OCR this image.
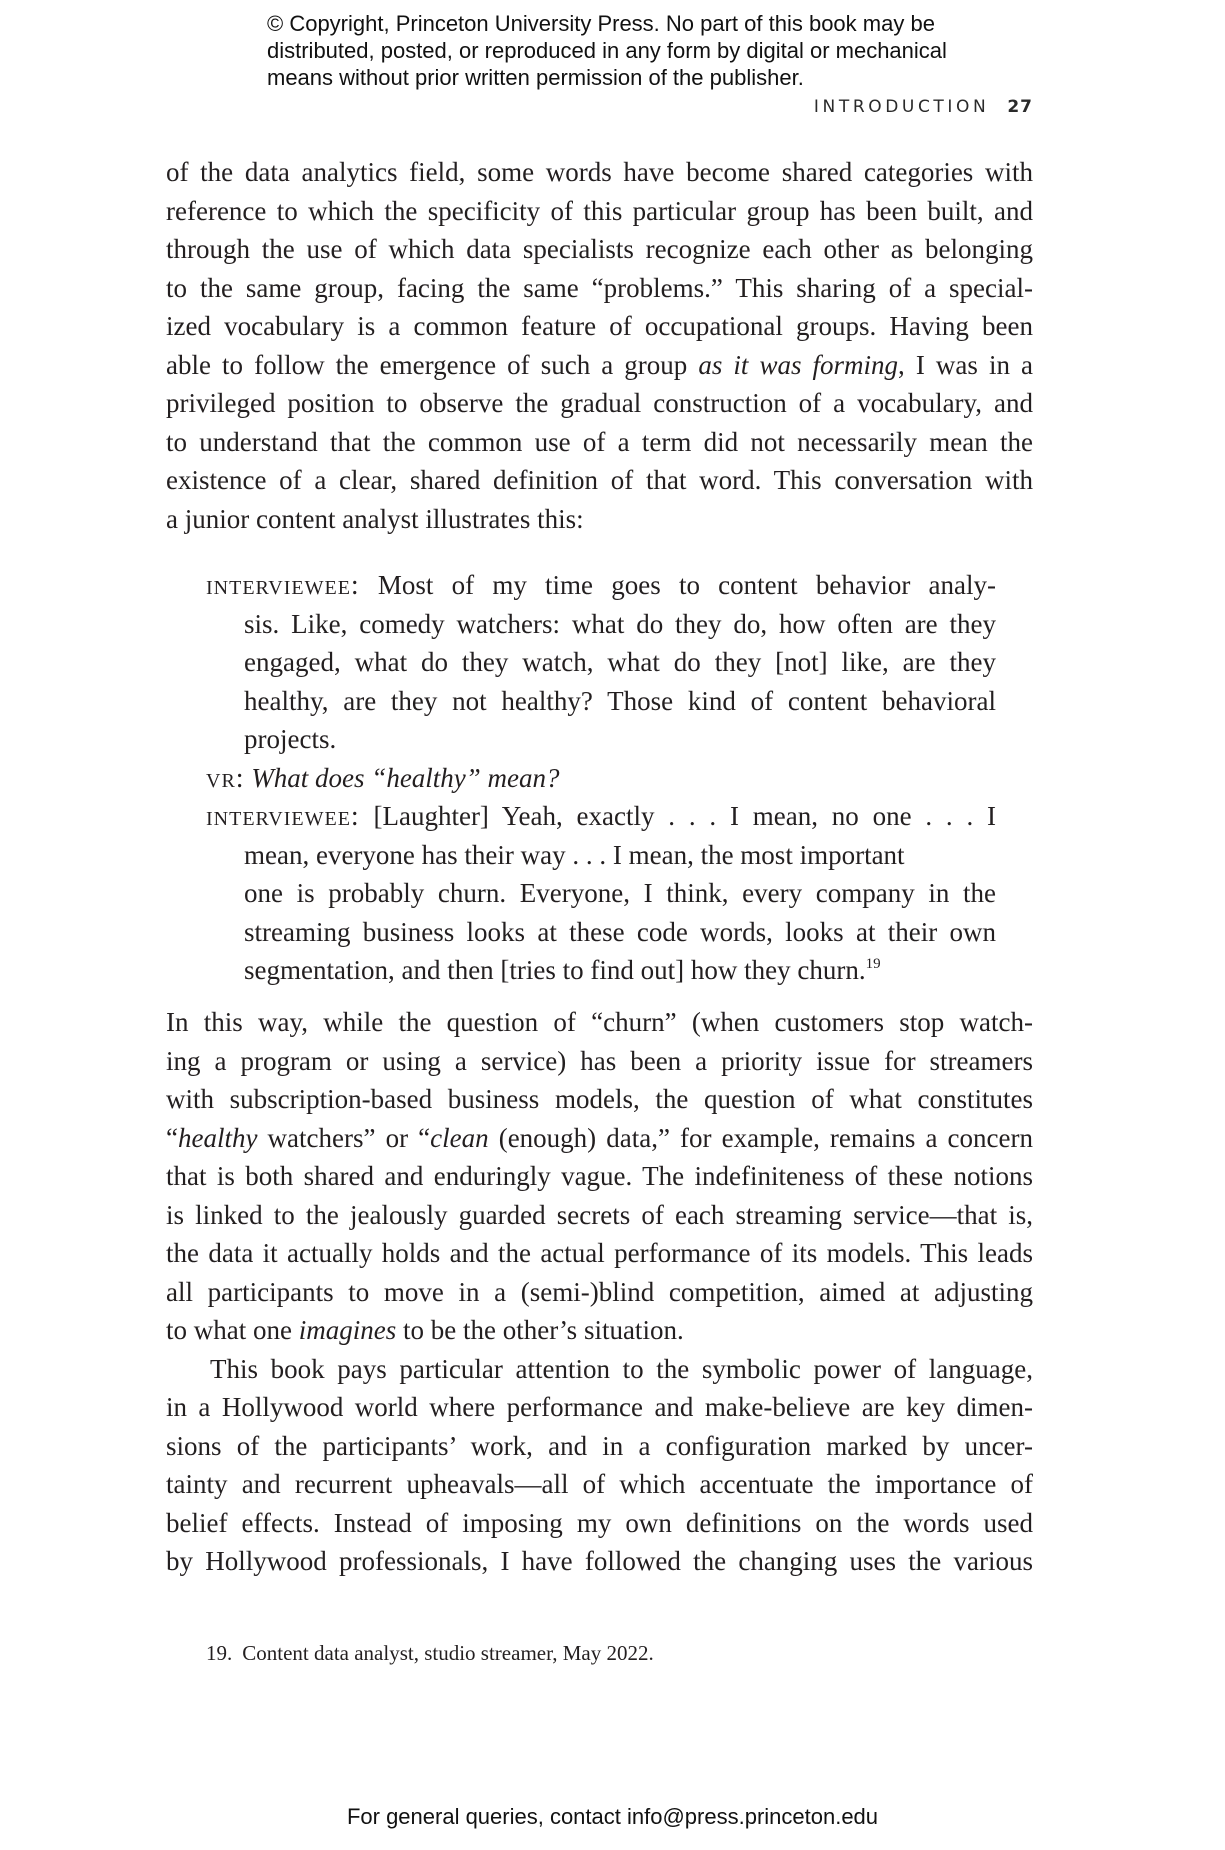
© Copyright, Princeton University Press. No part of this book may be
distributed, posted, or reproduced in any form by digital or mechanical
means without prior written permission of the publisher.
INTRODUCTION 27
of the data analytics field, some words have become shared categories with
reference to which the specificity of this particular group has been built, and
through the use of which data specialists recognize each other as belonging
to the same group, facing the same “problems.” This sharing of a special-
ized vocabulary is a common feature of occupational groups. Having been
able to follow the emergence of such a group as it was forming, I was in a
privileged position to observe the gradual construction of a vocabulary, and
to understand that the common use of a term did not necessarily mean the
existence of a clear, shared definition of that word. This conversation with
a junior content analyst illustrates this:
interviewee: Most of my time goes to content behavior analy-
sis. Like, comedy watchers: what do they do, how often are they
engaged, what do they watch, what do they [not] like, are they
healthy, are they not healthy? Those kind of content behavioral
projects.
vr: What does “healthy” mean?
interviewee: [Laughter] Yeah, exactly . . . I mean, no one . . . I
mean, everyone has their way . . . I mean, the most important
one is probably churn. Everyone, I think, every company in the
streaming business looks at these code words, looks at their own
segmentation, and then [tries to find out] how they churn.$^{19}$
In this way, while the question of “churn” (when customers stop watch-
ing a program or using a service) has been a priority issue for streamers
with subscription-based business models, the question of what constitutes
“healthy watchers” or “clean (enough) data,” for example, remains a concern
that is both shared and enduringly vague. The indefiniteness of these notions
is linked to the jealously guarded secrets of each streaming service—that is,
the data it actually holds and the actual performance of its models. This leads
all participants to move in a (semi-)blind competition, aimed at adjusting
to what one imagines to be the other’s situation.
This book pays particular attention to the symbolic power of language,
in a Hollywood world where performance and make-believe are key dimen-
sions of the participants’ work, and in a configuration marked by uncer-
tainty and recurrent upheavals—all of which accentuate the importance of
belief effects. Instead of imposing my own definitions on the words used
by Hollywood professionals, I have followed the changing uses the various
19. Content data analyst, studio streamer, May 2022.
For general queries, contact info@press.princeton.edu
